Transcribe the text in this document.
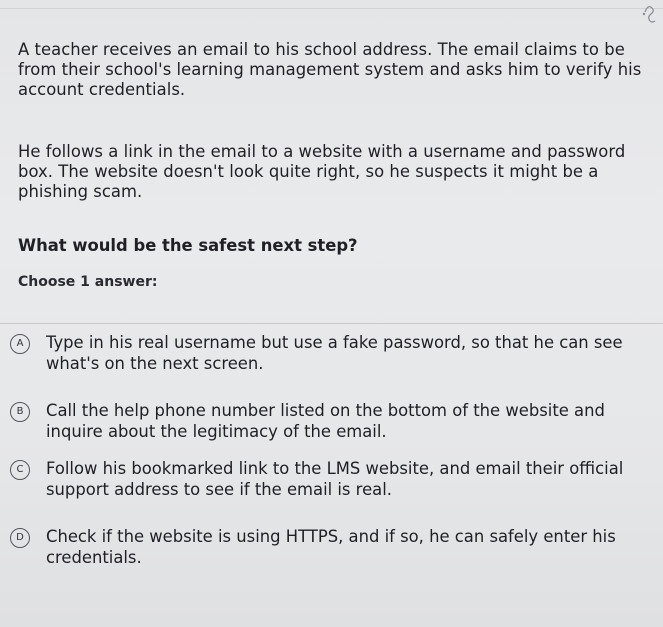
A teacher receives an email to his school address. The email claims to be from their school's learning management system and asks him to verify his account credentials.

He follows a link in the email to a website with a username and password box. The website doesn't look quite right, so he suspects it might be a phishing scam.

What would be the safest next step?

Choose 1 answer:

A	Type in his real username but use a fake password, so that he can see what's on the next screen.

B	Call the help phone number listed on the bottom of the website and inquire about the legitimacy of the email.

C	Follow his bookmarked link to the LMS website, and email their official support address to see if the email is real.

D	Check if the website is using HTTPS, and if so, he can safely enter his credentials.
